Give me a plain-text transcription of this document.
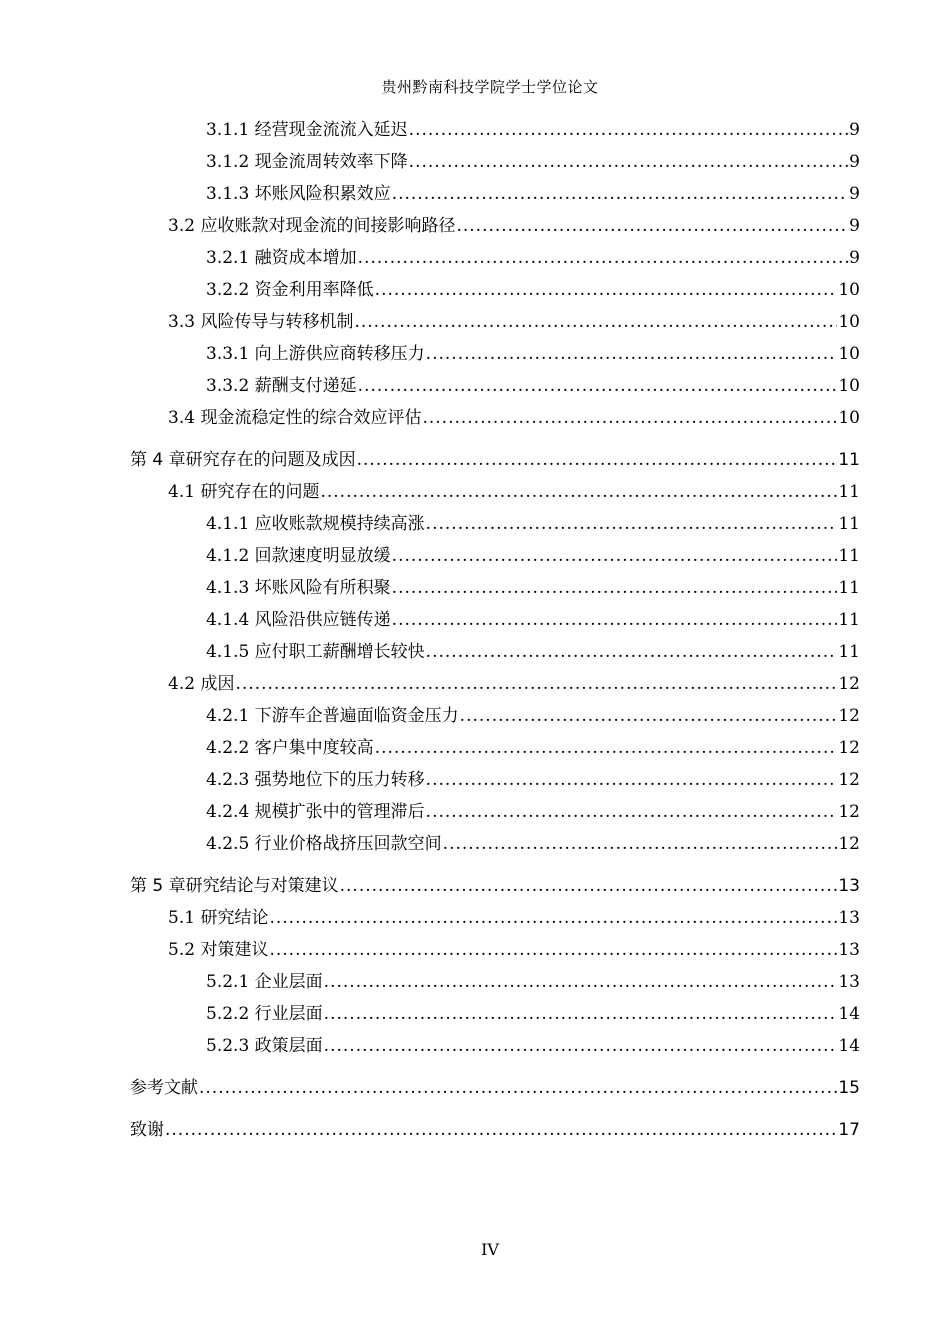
贵州黔南科技学院学士学位论文
3.1.1 经营现金流流入延迟 .....	9
3.1.2 现金流周转效率下降 .....	9
3.1.3 坏账风险积累效应 .....	9
3.2 应收账款对现金流的间接影响路径 .....	9
3.2.1 融资成本增加 .....	9
3.2.2 资金利用率降低 .....	10
3.3 风险传导与转移机制 .....	10
3.3.1 向上游供应商转移压力 .....	10
3.3.2 薪酬支付递延 .....	10
3.4 现金流稳定性的综合效应评估 .....	10
第 4 章研究存在的问题及成因 .....	11
4.1 研究存在的问题 .....	11
4.1.1 应收账款规模持续高涨 .....	11
4.1.2 回款速度明显放缓 .....	11
4.1.3 坏账风险有所积聚 .....	11
4.1.4 风险沿供应链传递 .....	11
4.1.5 应付职工薪酬增长较快 .....	11
4.2 成因 .....	12
4.2.1 下游车企普遍面临资金压力 .....	12
4.2.2 客户集中度较高 .....	12
4.2.3 强势地位下的压力转移 .....	12
4.2.4 规模扩张中的管理滞后 .....	12
4.2.5 行业价格战挤压回款空间 .....	12
第 5 章研究结论与对策建议 .....	13
5.1 研究结论 .....	13
5.2 对策建议 .....	13
5.2.1 企业层面 .....	13
5.2.2 行业层面 .....	14
5.2.3 政策层面 .....	14
参考文献 .....	15
致谢 .....	17
IV
